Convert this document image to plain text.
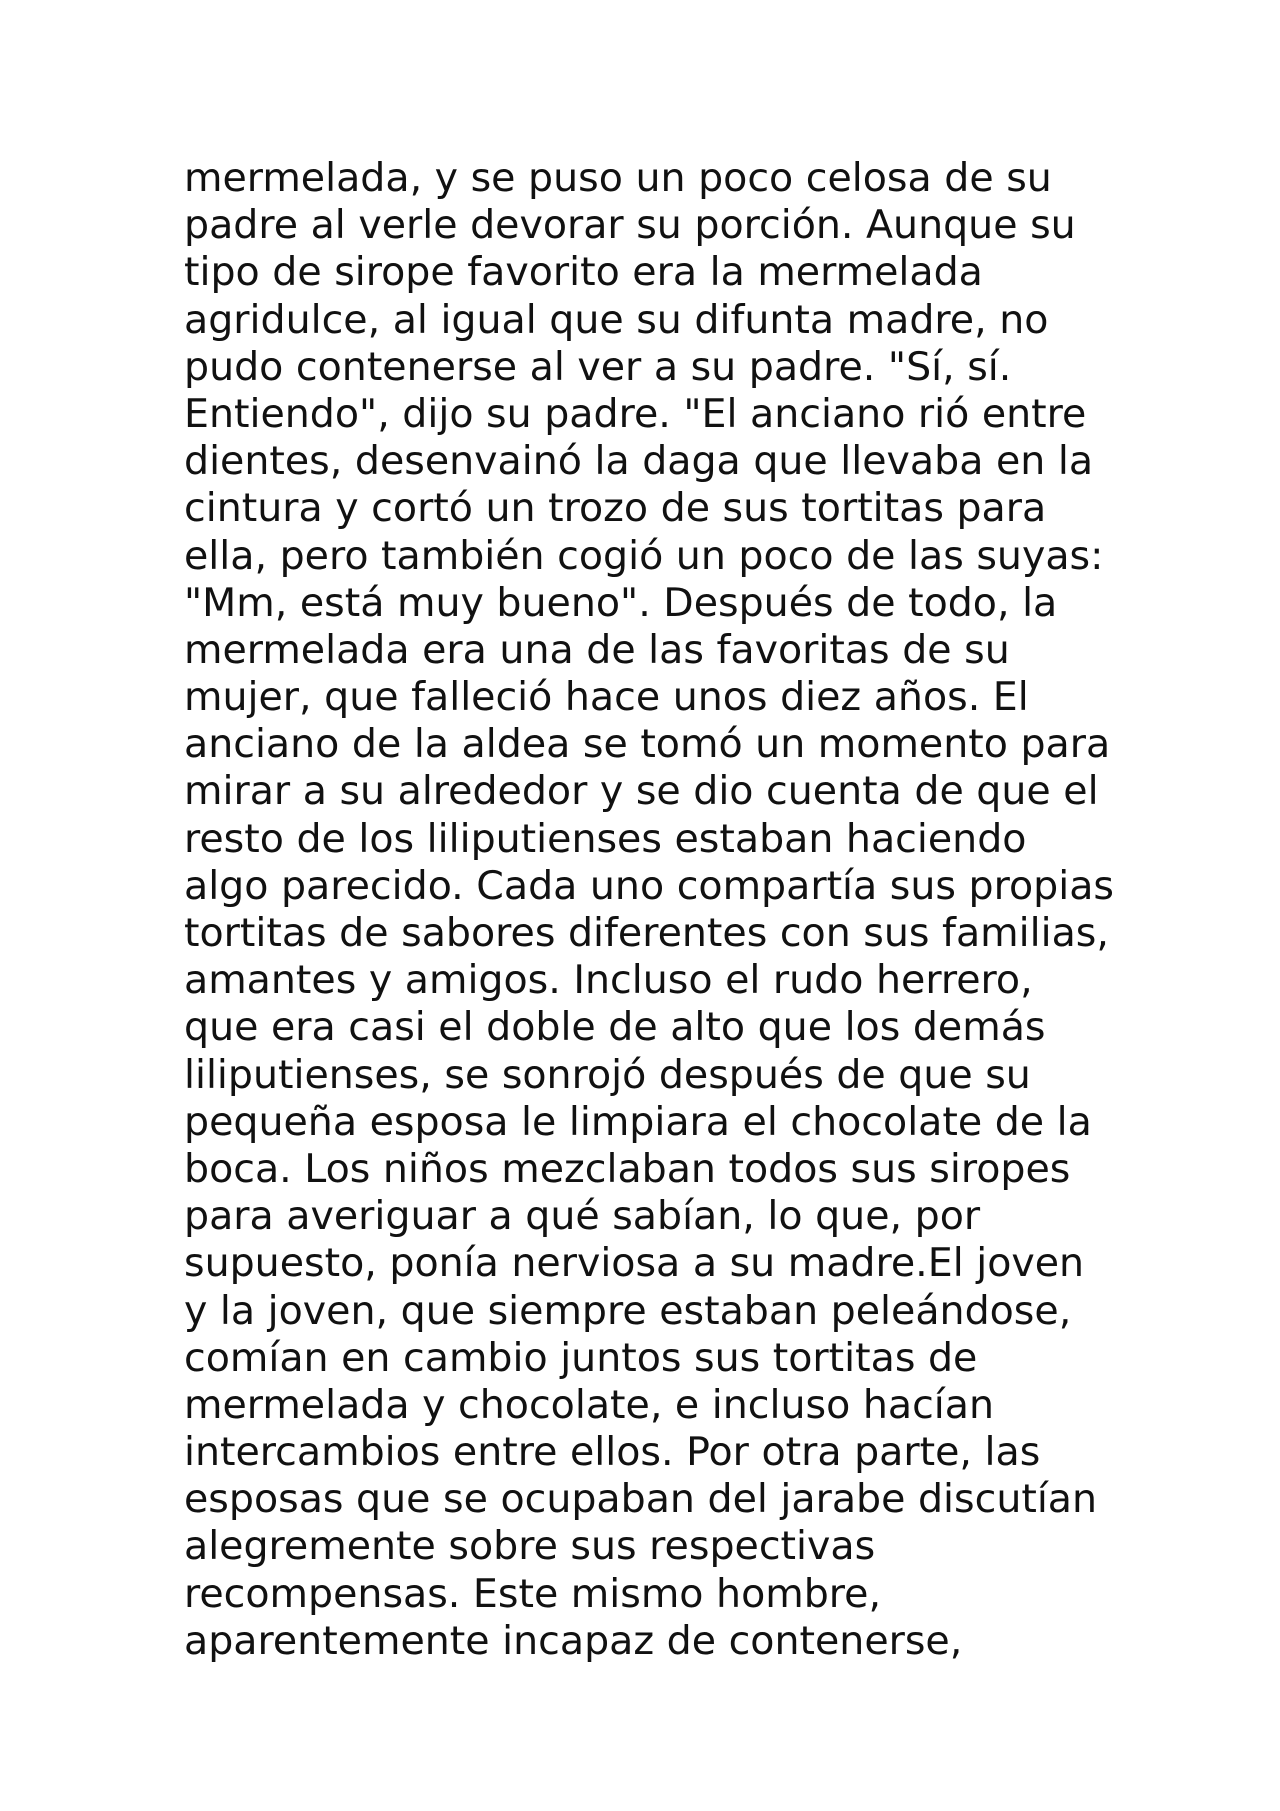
mermelada, y se puso un poco celosa de su
padre al verle devorar su porción. Aunque su
tipo de sirope favorito era la mermelada
agridulce, al igual que su difunta madre, no
pudo contenerse al ver a su padre. "Sí, sí.
Entiendo", dijo su padre. "El anciano rió entre
dientes, desenvainó la daga que llevaba en la
cintura y cortó un trozo de sus tortitas para
ella, pero también cogió un poco de las suyas:
"Mm, está muy bueno". Después de todo, la
mermelada era una de las favoritas de su
mujer, que falleció hace unos diez años. El
anciano de la aldea se tomó un momento para
mirar a su alrededor y se dio cuenta de que el
resto de los liliputienses estaban haciendo
algo parecido. Cada uno compartía sus propias
tortitas de sabores diferentes con sus familias,
amantes y amigos. Incluso el rudo herrero,
que era casi el doble de alto que los demás
liliputienses, se sonrojó después de que su
pequeña esposa le limpiara el chocolate de la
boca. Los niños mezclaban todos sus siropes
para averiguar a qué sabían, lo que, por
supuesto, ponía nerviosa a su madre.El joven
y la joven, que siempre estaban peleándose,
comían en cambio juntos sus tortitas de
mermelada y chocolate, e incluso hacían
intercambios entre ellos. Por otra parte, las
esposas que se ocupaban del jarabe discutían
alegremente sobre sus respectivas
recompensas. Este mismo hombre,
aparentemente incapaz de contenerse,
